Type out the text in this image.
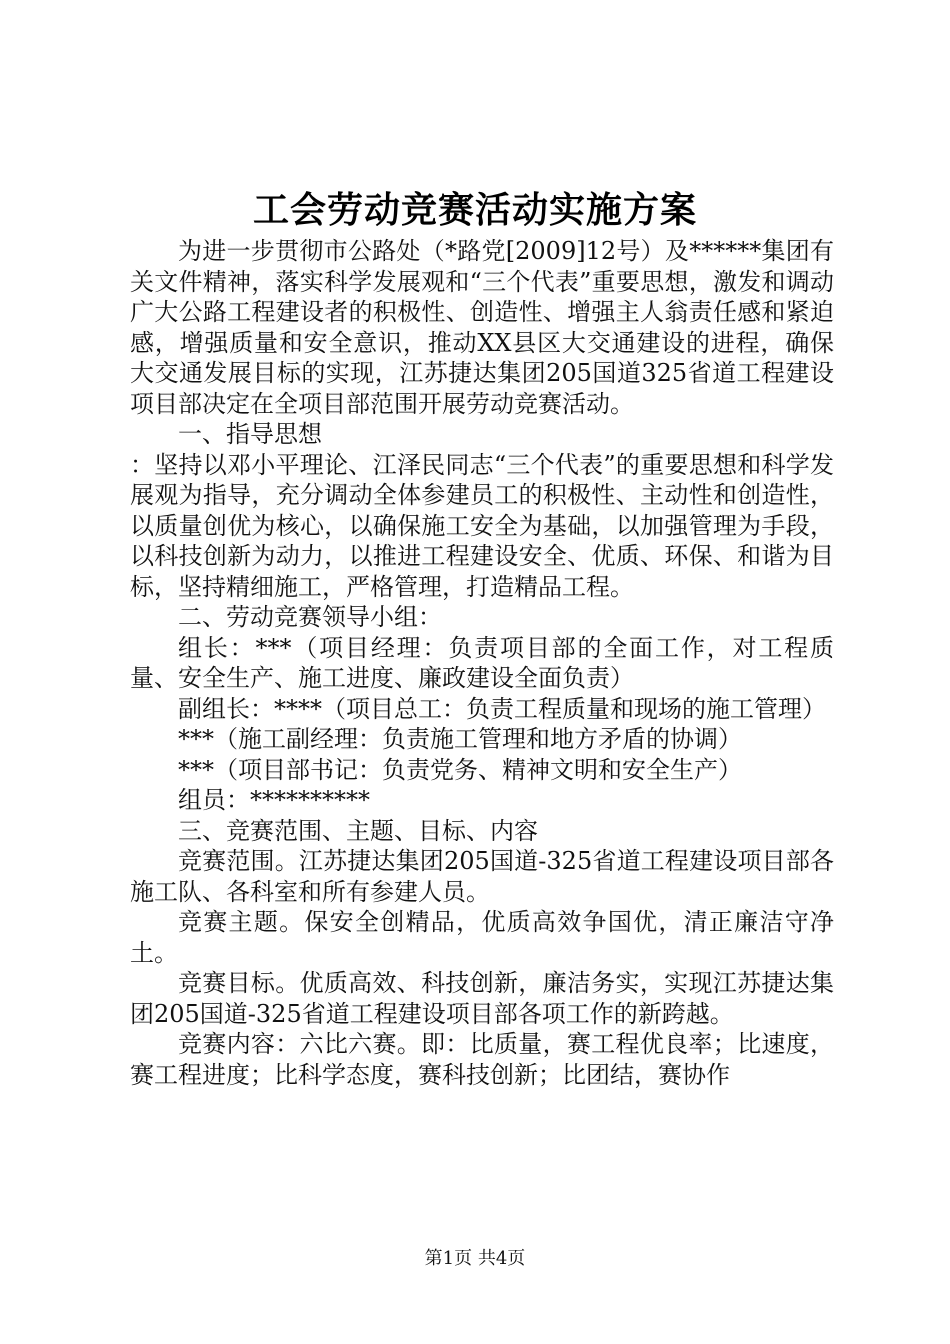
工会劳动竞赛活动实施方案

为进一步贯彻市公路处（*路党[2009]12号）及******集团有关文件精神，落实科学发展观和“三个代表”重要思想，激发和调动广大公路工程建设者的积极性、创造性、增强主人翁责任感和紧迫感，增强质量和安全意识，推动XX县区大交通建设的进程，确保大交通发展目标的实现，江苏捷达集团205国道325省道工程建设项目部决定在全项目部范围开展劳动竞赛活动。

一、指导思想

：坚持以邓小平理论、江泽民同志“三个代表”的重要思想和科学发展观为指导，充分调动全体参建员工的积极性、主动性和创造性，以质量创优为核心，以确保施工安全为基础，以加强管理为手段，以科技创新为动力，以推进工程建设安全、优质、环保、和谐为目标，坚持精细施工，严格管理，打造精品工程。

二、劳动竞赛领导小组：

组长：***（项目经理：负责项目部的全面工作，对工程质量、安全生产、施工进度、廉政建设全面负责）

副组长：****（项目总工：负责工程质量和现场的施工管理）

***（施工副经理：负责施工管理和地方矛盾的协调）

***（项目部书记：负责党务、精神文明和安全生产）

组员：**********

三、竞赛范围、主题、目标、内容

竞赛范围。江苏捷达集团205国道-325省道工程建设项目部各施工队、各科室和所有参建人员。

竞赛主题。保安全创精品，优质高效争国优，清正廉洁守净土。

竞赛目标。优质高效、科技创新，廉洁务实，实现江苏捷达集团205国道-325省道工程建设项目部各项工作的新跨越。

竞赛内容：六比六赛。即：比质量，赛工程优良率；比速度，赛工程进度；比科学态度，赛科技创新；比团结，赛协作

第1页 共4页
